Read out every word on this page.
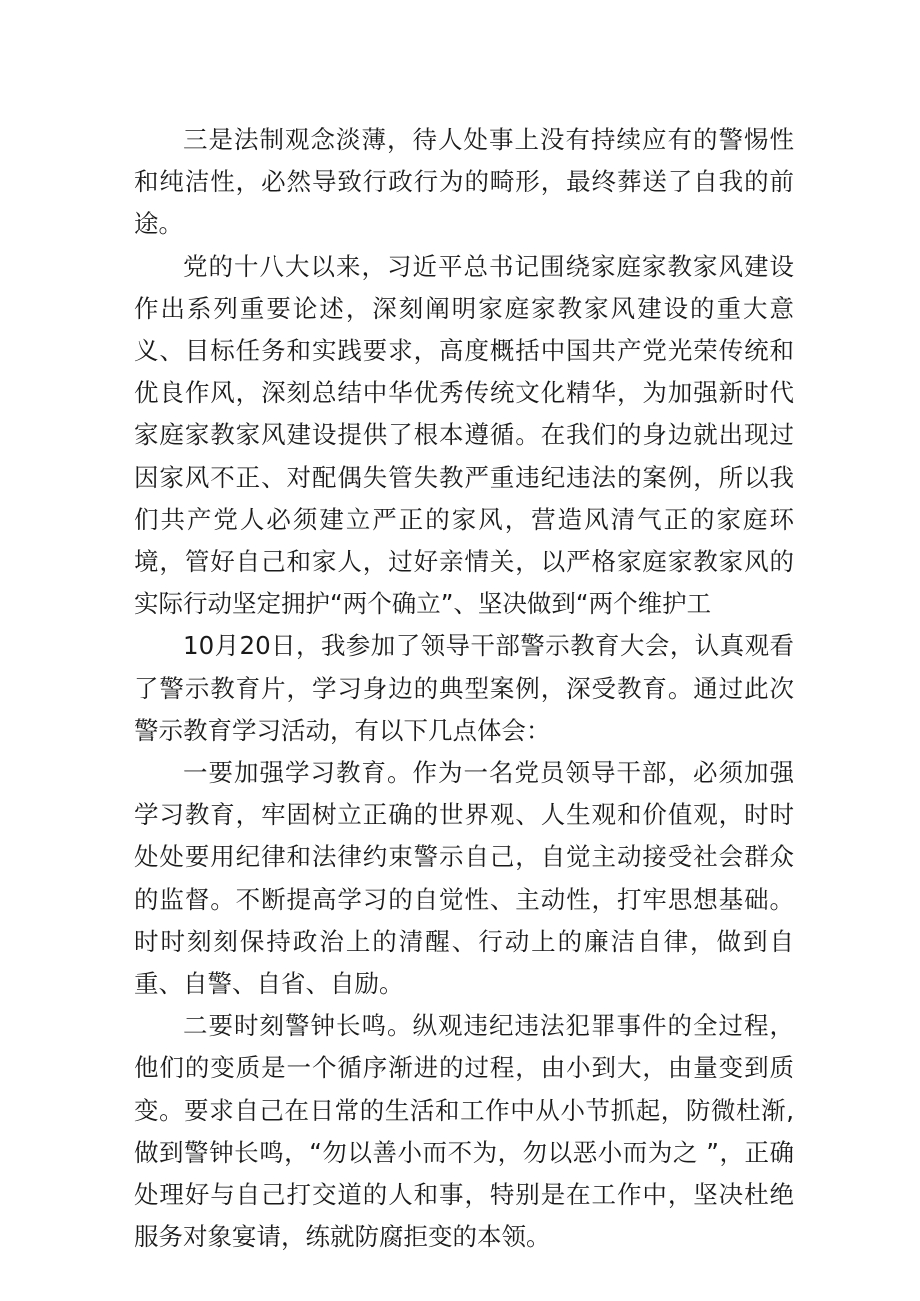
三是法制观念淡薄，待人处事上没有持续应有的警惕性和纯洁性，必然导致行政行为的畸形，最终葬送了自我的前途。

党的十八大以来，习近平总书记围绕家庭家教家风建设作出系列重要论述，深刻阐明家庭家教家风建设的重大意义、目标任务和实践要求，高度概括中国共产党光荣传统和优良作风，深刻总结中华优秀传统文化精华，为加强新时代家庭家教家风建设提供了根本遵循。在我们的身边就出现过因家风不正、对配偶失管失教严重违纪违法的案例，所以我们共产党人必须建立严正的家风，营造风清气正的家庭环境，管好自己和家人，过好亲情关，以严格家庭家教家风的实际行动坚定拥护“两个确立”、坚决做到“两个维护工

10月20日，我参加了领导干部警示教育大会，认真观看了警示教育片，学习身边的典型案例，深受教育。通过此次警示教育学习活动，有以下几点体会：

一要加强学习教育。作为一名党员领导干部，必须加强学习教育，牢固树立正确的世界观、人生观和价值观，时时处处要用纪律和法律约束警示自己，自觉主动接受社会群众的监督。不断提高学习的自觉性、主动性，打牢思想基础。时时刻刻保持政治上的清醒、行动上的廉洁自律，做到自重、自警、自省、自励。

二要时刻警钟长鸣。纵观违纪违法犯罪事件的全过程，他们的变质是一个循序渐进的过程，由小到大，由量变到质变。要求自己在日常的生活和工作中从小节抓起，防微杜渐,做到警钟长鸣，“勿以善小而不为，勿以恶小而为之 ”，正确处理好与自己打交道的人和事，特别是在工作中，坚决杜绝服务对象宴请，练就防腐拒变的本领。
